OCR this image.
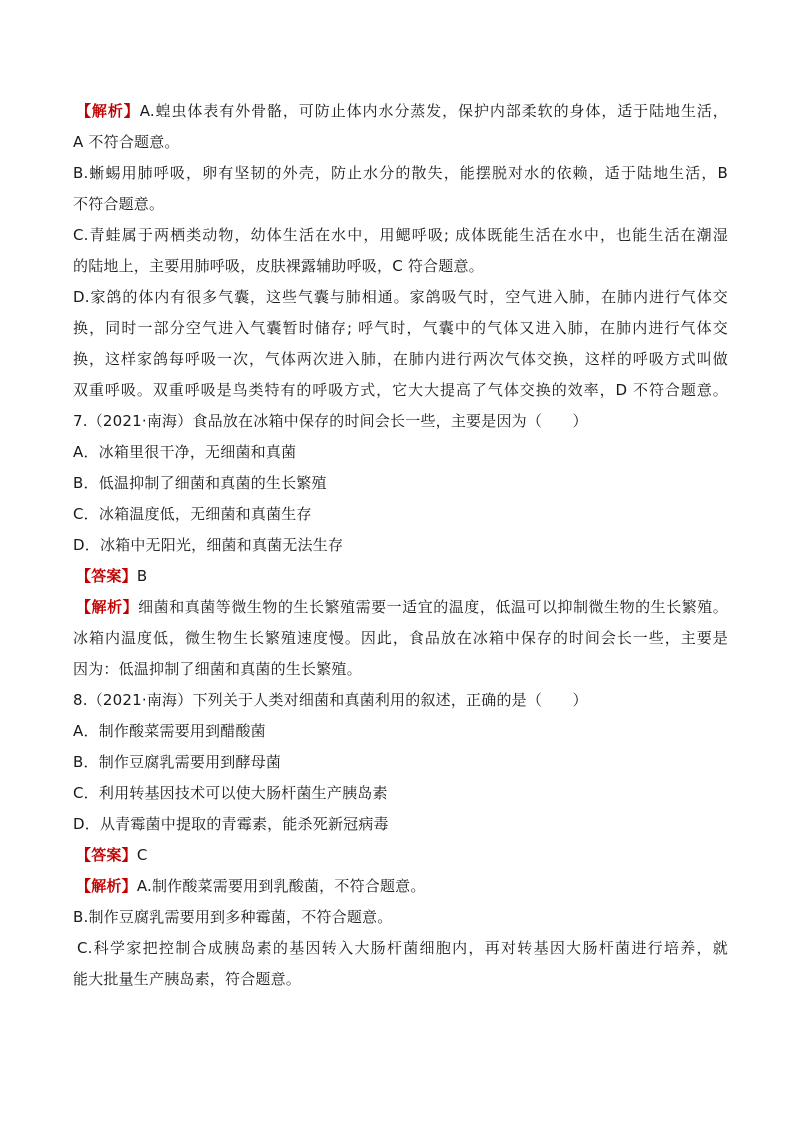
【解析】A.蝗虫体表有外骨骼，可防止体内水分蒸发，保护内部柔软的身体，适于陆地生活，
A 不符合题意。
B.蜥蜴用肺呼吸，卵有坚韧的外壳，防止水分的散失，能摆脱对水的依赖，适于陆地生活，B
不符合题意。
C.青蛙属于两栖类动物，幼体生活在水中，用鳃呼吸; 成体既能生活在水中，也能生活在潮湿
的陆地上，主要用肺呼吸，皮肤裸露辅助呼吸，C 符合题意。
D.家鸽的体内有很多气囊，这些气囊与肺相通。家鸽吸气时，空气进入肺，在肺内进行气体交
换，同时一部分空气进入气囊暂时储存; 呼气时，气囊中的气体又进入肺，在肺内进行气体交
换，这样家鸽每呼吸一次，气体两次进入肺，在肺内进行两次气体交换，这样的呼吸方式叫做
双重呼吸。双重呼吸是鸟类特有的呼吸方式，它大大提高了气体交换的效率，D 不符合题意。
7.（2021·南海）食品放在冰箱中保存的时间会长一些，主要是因为（　　）
A．冰箱里很干净，无细菌和真菌
B．低温抑制了细菌和真菌的生长繁殖
C．冰箱温度低，无细菌和真菌生存
D．冰箱中无阳光，细菌和真菌无法生存
【答案】B
【解析】细菌和真菌等微生物的生长繁殖需要一适宜的温度，低温可以抑制微生物的生长繁殖。
冰箱内温度低，微生物生长繁殖速度慢。因此，食品放在冰箱中保存的时间会长一些，主要是
因为：低温抑制了细菌和真菌的生长繁殖。
8.（2021·南海）下列关于人类对细菌和真菌利用的叙述，正确的是（　　）
A．制作酸菜需要用到醋酸菌
B．制作豆腐乳需要用到酵母菌
C．利用转基因技术可以使大肠杆菌生产胰岛素
D．从青霉菌中提取的青霉素，能杀死新冠病毒
【答案】C
【解析】A.制作酸菜需要用到乳酸菌，不符合题意。
B.制作豆腐乳需要用到多种霉菌，不符合题意。
C.科学家把控制合成胰岛素的基因转入大肠杆菌细胞内，再对转基因大肠杆菌进行培养，就
能大批量生产胰岛素，符合题意。
